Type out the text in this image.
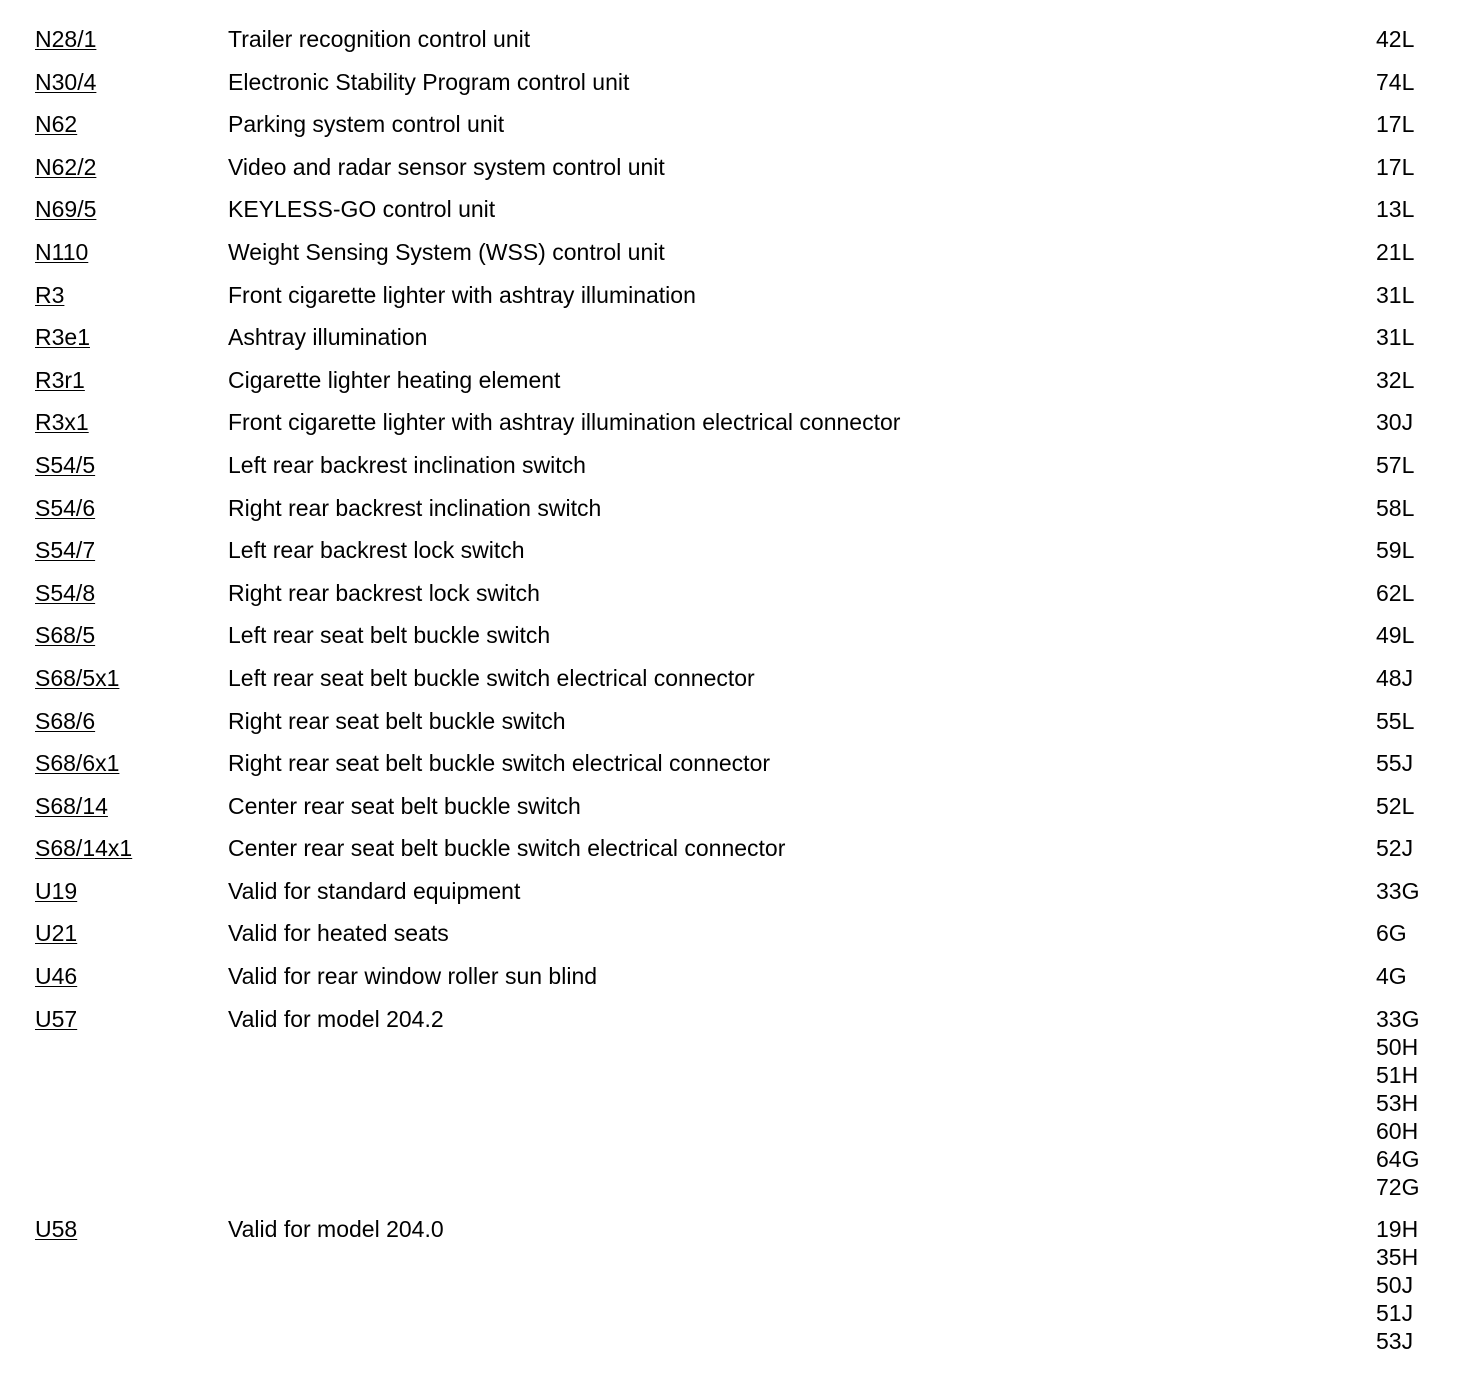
N28/1	Trailer recognition control unit	42L
N30/4	Electronic Stability Program control unit	74L
N62	Parking system control unit	17L
N62/2	Video and radar sensor system control unit	17L
N69/5	KEYLESS-GO control unit	13L
N110	Weight Sensing System (WSS) control unit	21L
R3	Front cigarette lighter with ashtray illumination	31L
R3e1	Ashtray illumination	31L
R3r1	Cigarette lighter heating element	32L
R3x1	Front cigarette lighter with ashtray illumination electrical connector	30J
S54/5	Left rear backrest inclination switch	57L
S54/6	Right rear backrest inclination switch	58L
S54/7	Left rear backrest lock switch	59L
S54/8	Right rear backrest lock switch	62L
S68/5	Left rear seat belt buckle switch	49L
S68/5x1	Left rear seat belt buckle switch electrical connector	48J
S68/6	Right rear seat belt buckle switch	55L
S68/6x1	Right rear seat belt buckle switch electrical connector	55J
S68/14	Center rear seat belt buckle switch	52L
S68/14x1	Center rear seat belt buckle switch electrical connector	52J
U19	Valid for standard equipment	33G
U21	Valid for heated seats	6G
U46	Valid for rear window roller sun blind	4G
U57	Valid for model 204.2	33G
50H
51H
53H
60H
64G
72G
U58	Valid for model 204.0	19H
35H
50J
51J
53J
